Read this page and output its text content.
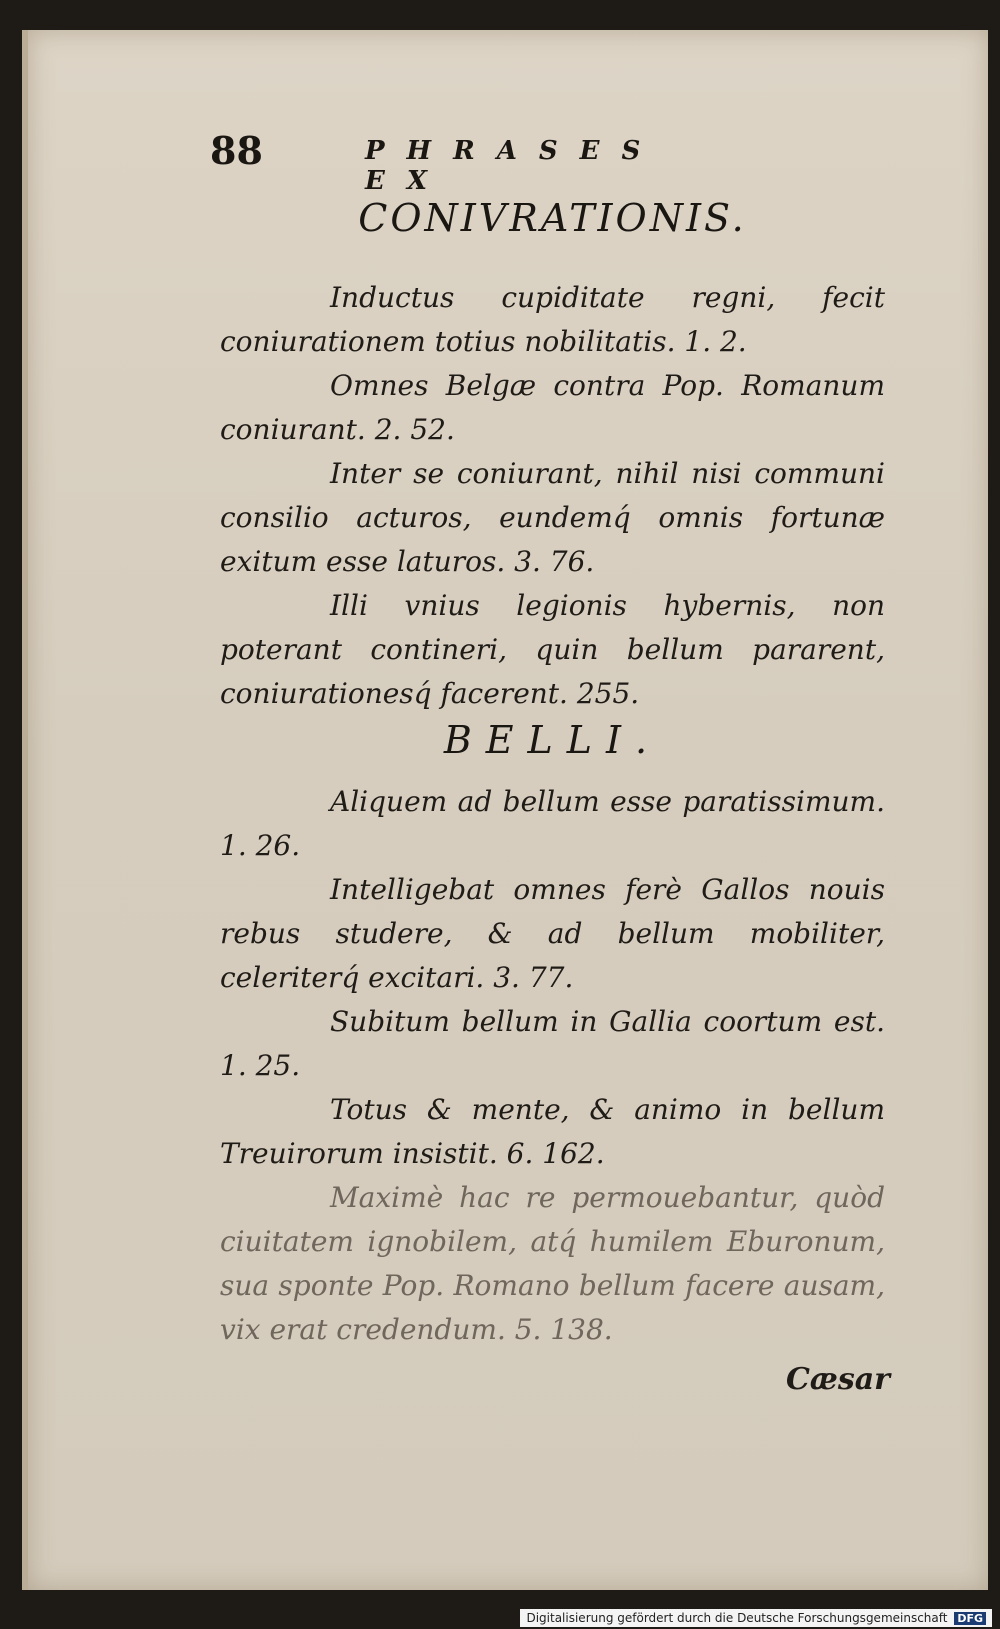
88	PHRASES EX
CONIVRATIONIS.

Inductus cupiditate regni, fecit coniurationem totius nobilitatis. 1. 2.

Omnes Belgæ contra Pop. Romanum coniurant. 2. 52.

Inter se coniurant, nihil nisi communi consilio acturos, eundemq́ omnis fortunæ exitum esse laturos. 3. 76.

Illi vnius legionis hybernis, non poterant contineri, quin bellum pararent, coniurationesq́ facerent. 255.

BELLI.

Aliquem ad bellum esse paratissimum. 1. 26.

Intelligebat omnes ferè Gallos nouis rebus studere, & ad bellum mobiliter, celeriterq́ excitari. 3. 77.

Subitum bellum in Gallia coortum est. 1. 25.

Totus & mente, & animo in bellum Treuirorum insistit. 6. 162.

Maximè hac re permouebantur, quòd ciuitatem ignobilem, atq́ humilem Eburonum, sua sponte Pop. Romano bellum facere ausam, vix erat credendum. 5. 138.

Cæsar
Digitalisierung gefördert durch die Deutsche Forschungsgemeinschaft DFG
